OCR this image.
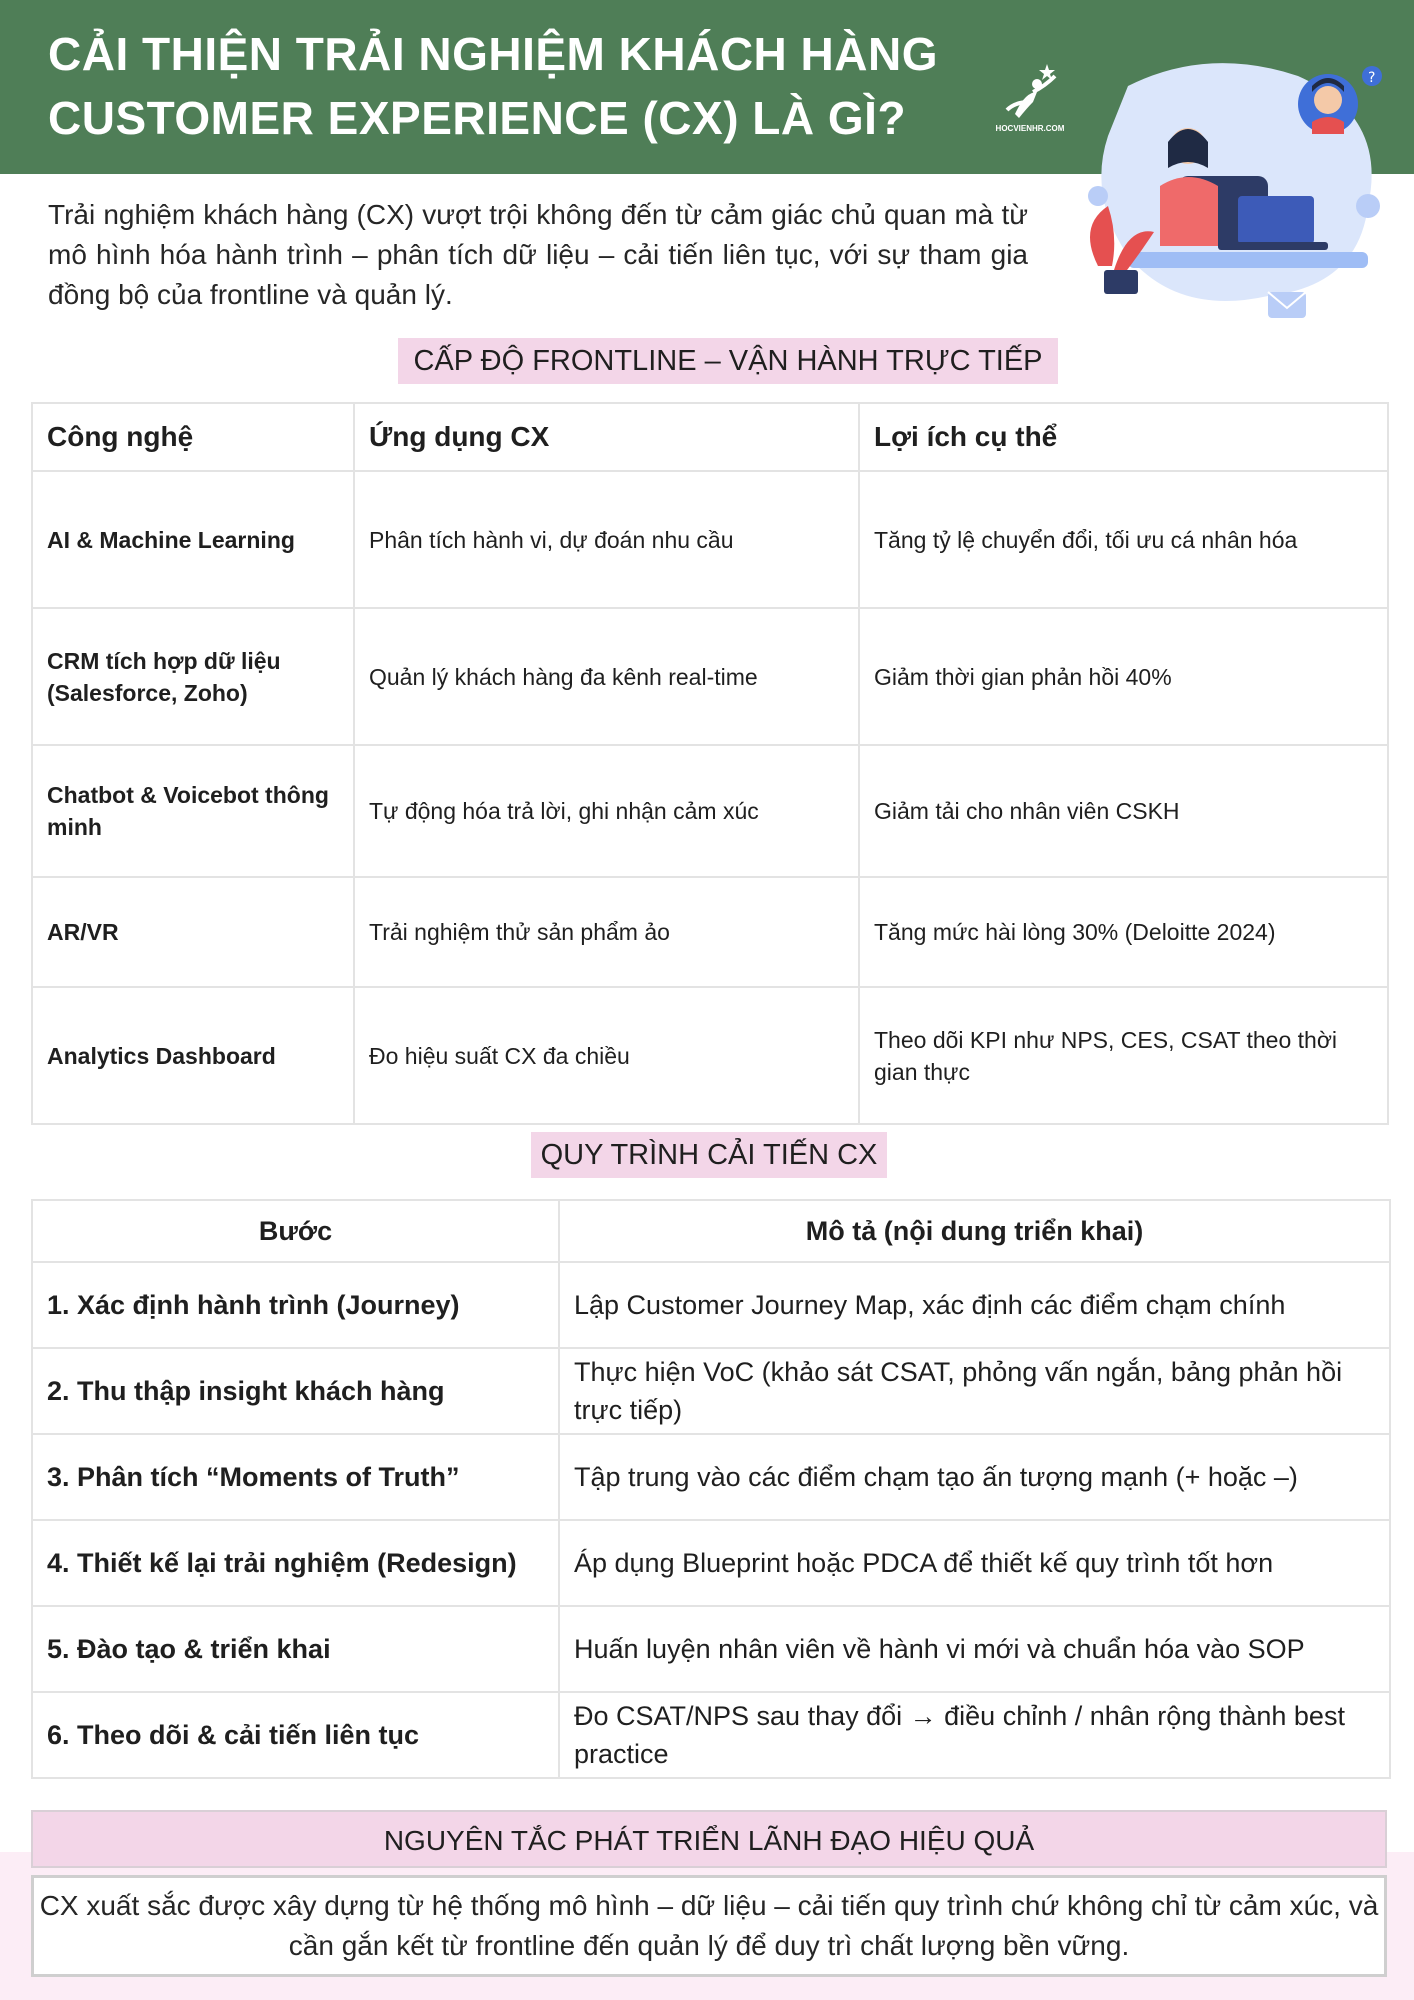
CẢI THIỆN TRẢI NGHIỆM KHÁCH HÀNG
CUSTOMER EXPERIENCE (CX) LÀ GÌ?	HOCVIENHR.COM
?
Trải nghiệm khách hàng (CX) vượt trội không đến từ cảm giác chủ quan mà từ mô hình hóa hành trình – phân tích dữ liệu – cải tiến liên tục, với sự tham gia đồng bộ của frontline và quản lý.
CẤP ĐỘ FRONTLINE – VẬN HÀNH TRỰC TIẾP
Công nghệ	Ứng dụng CX	Lợi ích cụ thể
AI & Machine Learning	Phân tích hành vi, dự đoán nhu cầu	Tăng tỷ lệ chuyển đổi, tối ưu cá nhân hóa
CRM tích hợp dữ liệu (Salesforce, Zoho)	Quản lý khách hàng đa kênh real-time	Giảm thời gian phản hồi 40%
Chatbot & Voicebot thông minh	Tự động hóa trả lời, ghi nhận cảm xúc	Giảm tải cho nhân viên CSKH
AR/VR	Trải nghiệm thử sản phẩm ảo	Tăng mức hài lòng 30% (Deloitte 2024)
Analytics Dashboard	Đo hiệu suất CX đa chiều	Theo dõi KPI như NPS, CES, CSAT theo thời gian thực
QUY TRÌNH CẢI TIẾN CX
Bước	Mô tả (nội dung triển khai)
1. Xác định hành trình (Journey)	Lập Customer Journey Map, xác định các điểm chạm chính
2. Thu thập insight khách hàng	Thực hiện VoC (khảo sát CSAT, phỏng vấn ngắn, bảng phản hồi trực tiếp)
3. Phân tích “Moments of Truth”	Tập trung vào các điểm chạm tạo ấn tượng mạnh (+ hoặc –)
4. Thiết kế lại trải nghiệm (Redesign)	Áp dụng Blueprint hoặc PDCA để thiết kế quy trình tốt hơn
5. Đào tạo & triển khai	Huấn luyện nhân viên về hành vi mới và chuẩn hóa vào SOP
6. Theo dõi & cải tiến liên tục	Đo CSAT/NPS sau thay đổi → điều chỉnh / nhân rộng thành best practice
NGUYÊN TẮC PHÁT TRIỂN LÃNH ĐẠO HIỆU QUẢ
CX xuất sắc được xây dựng từ hệ thống mô hình – dữ liệu – cải tiến quy trình chứ không chỉ từ cảm xúc, và cần gắn kết từ frontline đến quản lý để duy trì chất lượng bền vững.
